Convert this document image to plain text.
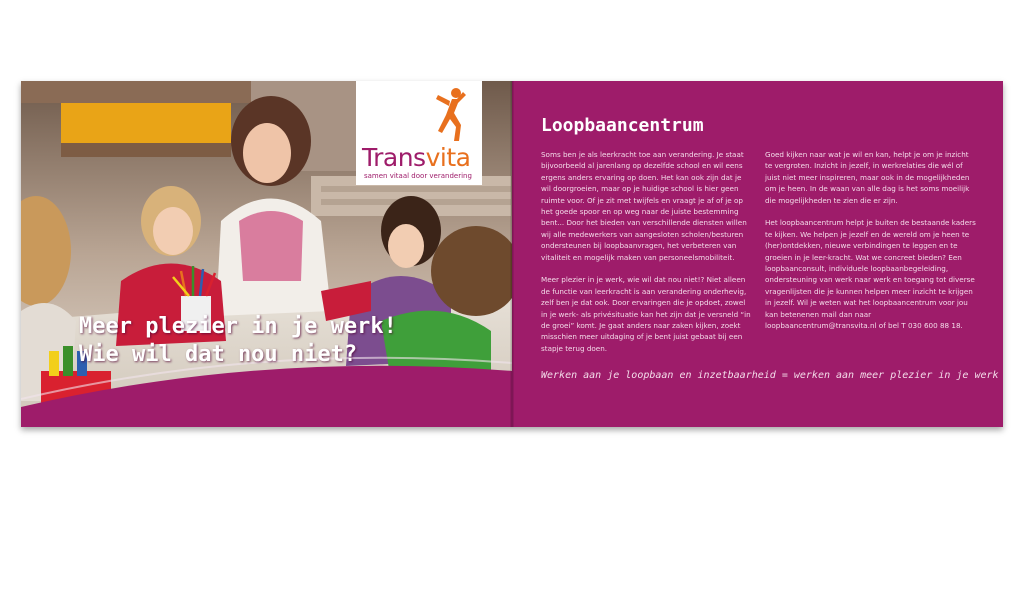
Transvita
samen vitaal door verandering
Meer plezier in je werk!
Wie wil dat nou niet?
Loopbaancentrum

Soms ben je als leerkracht toe aan verandering. Je staat bijvoorbeeld al jarenlang op dezelfde school en wil eens ergens anders ervaring op doen. Het kan ook zijn dat je wil doorgroeien, maar op je huidige school is hier geen ruimte voor. Of je zit met twijfels en vraagt je af of je op het goede spoor en op weg naar de juiste bestemming bent... Door het bieden van verschillende diensten willen wij alle medewerkers van aangesloten scholen/besturen ondersteunen bij loopbaanvragen, het verbeteren van vitaliteit en mogelijk maken van personeelsmobiliteit.

Meer plezier in je werk, wie wil dat nou niet!? Niet alleen de functie van leerkracht is aan verandering onderhevig, zelf ben je dat ook. Door ervaringen die je opdoet, zowel in je werk- als privésituatie kan het zijn dat je versneld “in de groei” komt. Je gaat anders naar zaken kijken, zoekt misschien meer uitdaging of je bent juist gebaat bij een stapje terug doen.

Goed kijken naar wat je wil en kan, helpt je om je inzicht te vergroten. Inzicht in jezelf, in werkrelaties die wél of juist niet meer inspireren, maar ook in de mogelijkheden om je heen. In de waan van alle dag is het soms moeilijk die mogelijkheden te zien die er zijn.

Het loopbaancentrum helpt je buiten de bestaande kaders te kijken. We helpen je jezelf en de wereld om je heen te (her)ontdekken, nieuwe verbindingen te leggen en te groeien in je leer-kracht. Wat we concreet bieden? Een loopbaanconsult, individuele loopbaanbegeleiding, ondersteuning van werk naar werk en toegang tot diverse vragenlijsten die je kunnen helpen meer inzicht te krijgen in jezelf. Wil je weten wat het loopbaancentrum voor jou kan betenenen mail dan naar loopbaancentrum@transvita.nl of bel T 030 600 88 18.

Werken aan je loopbaan en inzetbaarheid = werken aan meer plezier in je werk
